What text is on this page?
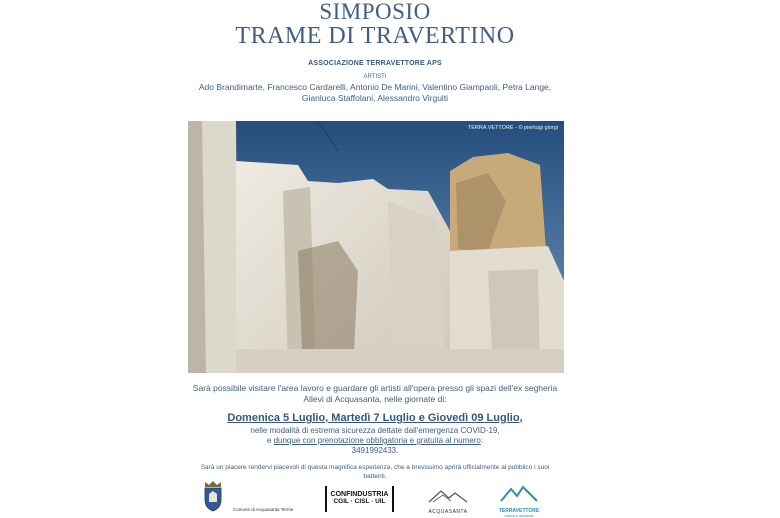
SIMPOSIO
TRAME DI TRAVERTINO
ASSOCIAZIONE TERRAVETTORE APS
ARTISTI
Ado Brandimarte, Francesco Cardarelli, Antonio De Marini, Valentino Giampaoli, Petra Lange,
Gianluca Staffolani, Alessandro Virgulti
TERRA VETTORE - © pierluigi giorgi
Sarà possibile visitare l'area lavoro e guardare gli artisti all'opera presso gli spazi dell'ex segheria
Allevi di Acquasanta, nelle giornate di:
Domenica 5 Luglio, Martedì 7 Luglio e Giovedì 09 Luglio,
nelle modalità di estrema sicurezza dettate dall'emergenza COVID-19,
e dunque con prenotazione obbligatoria e gratuita al numero:
3491992433.
Sarà un piacere rendervi piacevoli di questa magnifica esperienza, che a brevissimo aprirà ufficialmente al pubblico i suoi
battenti.
Comune di Acquasanta Terme
CONFINDUSTRIA
CGIL · CISL · UIL
ACQUASANTA	TERRAVETTORE
cultura e ambiente
